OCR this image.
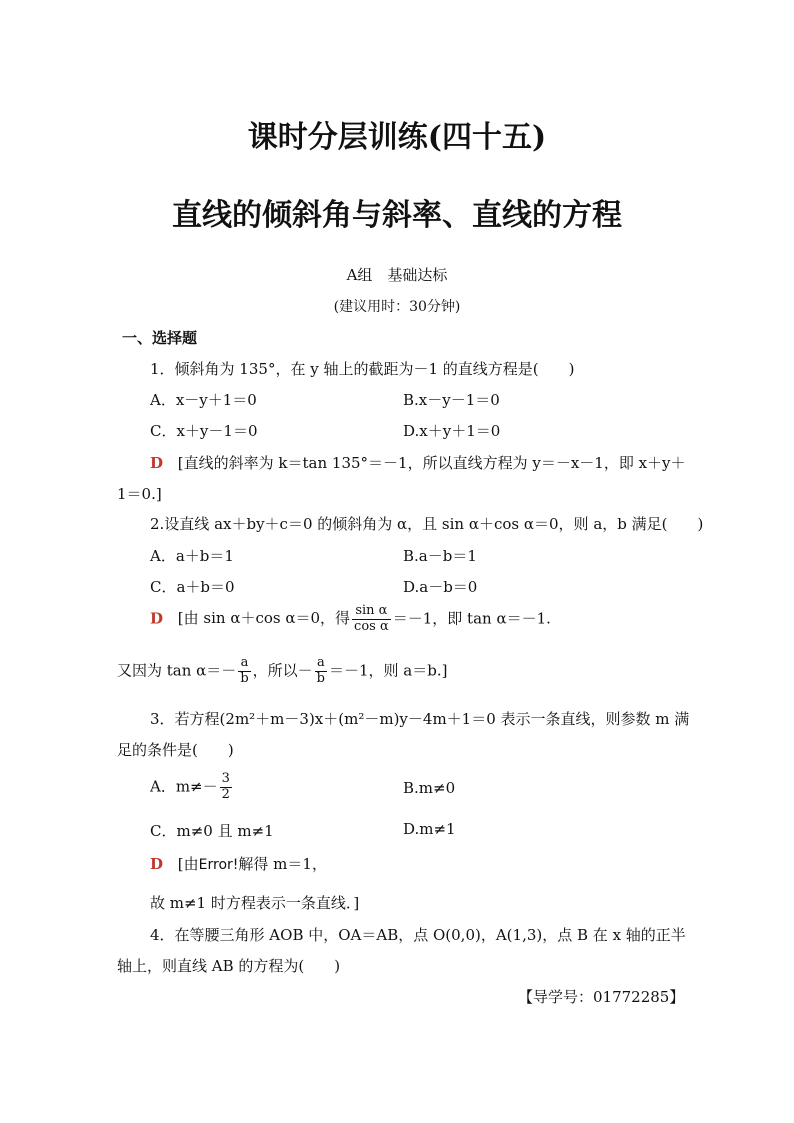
课时分层训练(四十五)
直线的倾斜角与斜率、直线的方程
A组　基础达标
(建议用时：30分钟)
一、选择题
1．倾斜角为 135°，在 y 轴上的截距为－1 的直线方程是(　　)
A．x－y＋1＝0	B.x－y－1＝0
C．x＋y－1＝0	D.x＋y＋1＝0
D [直线的斜率为 k＝tan 135°＝－1，所以直线方程为 y＝－x－1，即 x＋y＋
1＝0.]
2.设直线 ax＋by＋c＝0 的倾斜角为 α，且 sin α＋cos α＝0，则 a，b 满足(　　)
A．a＋b＝1	B.a－b＝1
C．a＋b＝0	D.a－b＝0
D [由 sin α＋cos α＝0，得 $\frac{\text{sin α}}{\text{cos α}} =-1$，即 tan α＝－1.
又因为 $\tan \alpha=- \frac{a}{b}$ ，所以－ $\frac{a}{b} =-1$，则 a＝b.]
3．若方程(2m²＋m－3)x＋(m²－m)y－4m＋1＝0 表示一条直线，则参数 m 满
足的条件是(　　)
A．$m\ne- \frac{3}{2}$	B.m≠0
C．m≠0 且 m≠1	D.m≠1
D [由Error!解得 m＝1，
故 m≠1 时方程表示一条直线．]
4．在等腰三角形 AOB 中，OA＝AB，点 O(0,0)，A(1,3)，点 B 在 x 轴的正半
轴上，则直线 AB 的方程为(　　)
【导学号：01772285】
